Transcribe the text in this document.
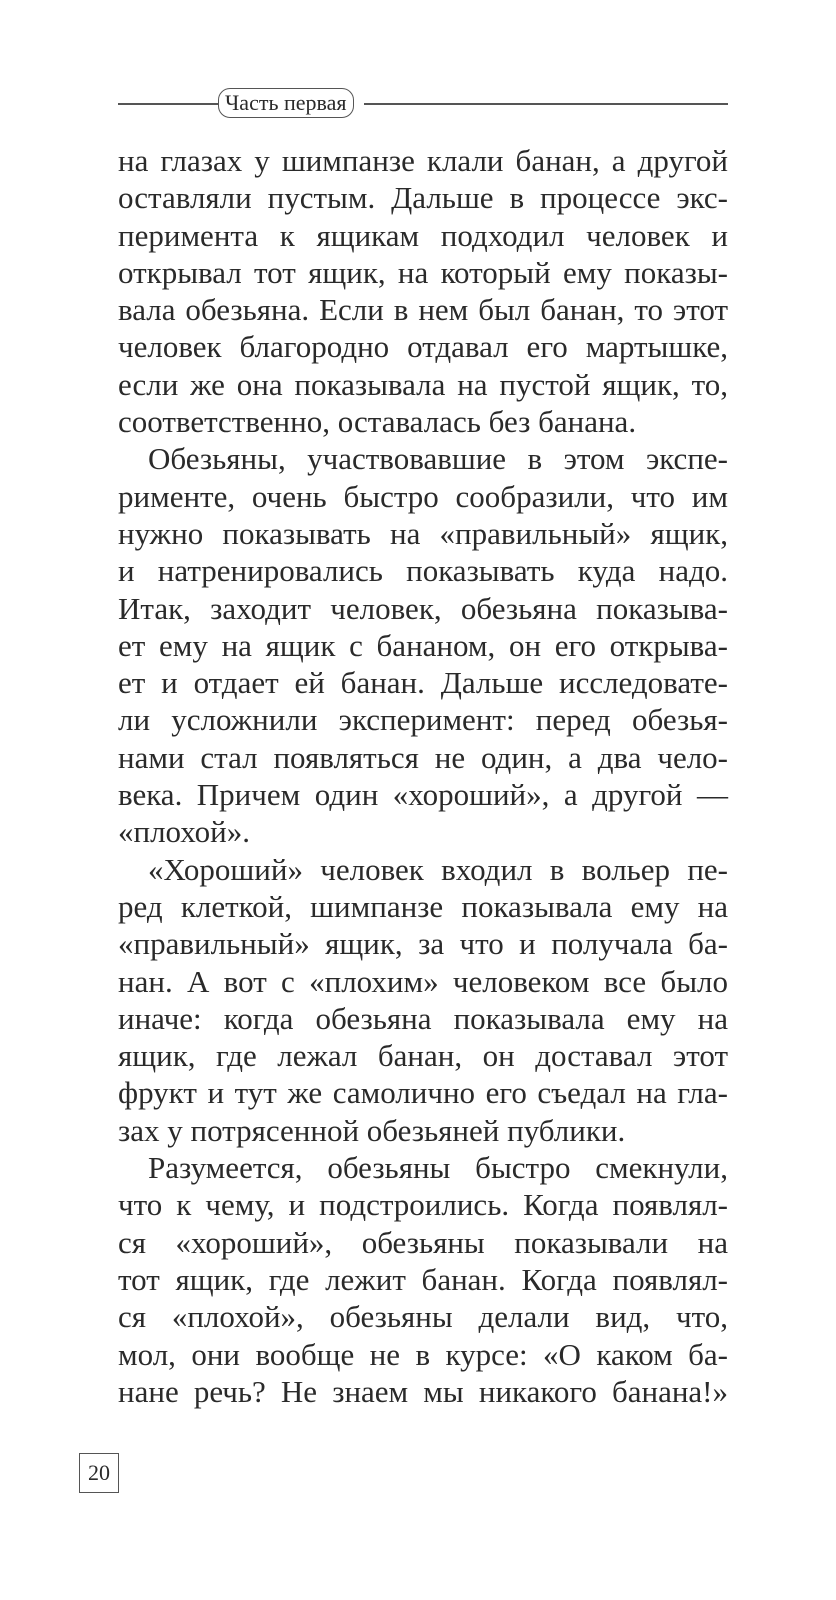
Часть первая
на глазах у шимпанзе клали банан, а другой
оставляли пустым. Дальше в процессе экс-
перимента к ящикам подходил человек и
открывал тот ящик, на который ему показы-
вала обезьяна. Если в нем был банан, то этот
человек благородно отдавал его мартышке,
если же она показывала на пустой ящик, то,
соответственно, оставалась без банана.
Обезьяны, участвовавшие в этом экспе-
рименте, очень быстро сообразили, что им
нужно показывать на «правильный» ящик,
и натренировались показывать куда надо.
Итак, заходит человек, обезьяна показыва-
ет ему на ящик с бананом, он его открыва-
ет и отдает ей банан. Дальше исследовате-
ли усложнили эксперимент: перед обезья-
нами стал появляться не один, а два чело-
века. Причем один «хороший», а другой —
«плохой».
«Хороший» человек входил в вольер пе-
ред клеткой, шимпанзе показывала ему на
«правильный» ящик, за что и получала ба-
нан. А вот с «плохим» человеком все было
иначе: когда обезьяна показывала ему на
ящик, где лежал банан, он доставал этот
фрукт и тут же самолично его съедал на гла-
зах у потрясенной обезьяней публики.
Разумеется, обезьяны быстро смекнули,
что к чему, и подстроились. Когда появлял-
ся «хороший», обезьяны показывали на
тот ящик, где лежит банан. Когда появлял-
ся «плохой», обезьяны делали вид, что,
мол, они вообще не в курсе: «О каком ба-
нане речь? Не знаем мы никакого банана!»
20
